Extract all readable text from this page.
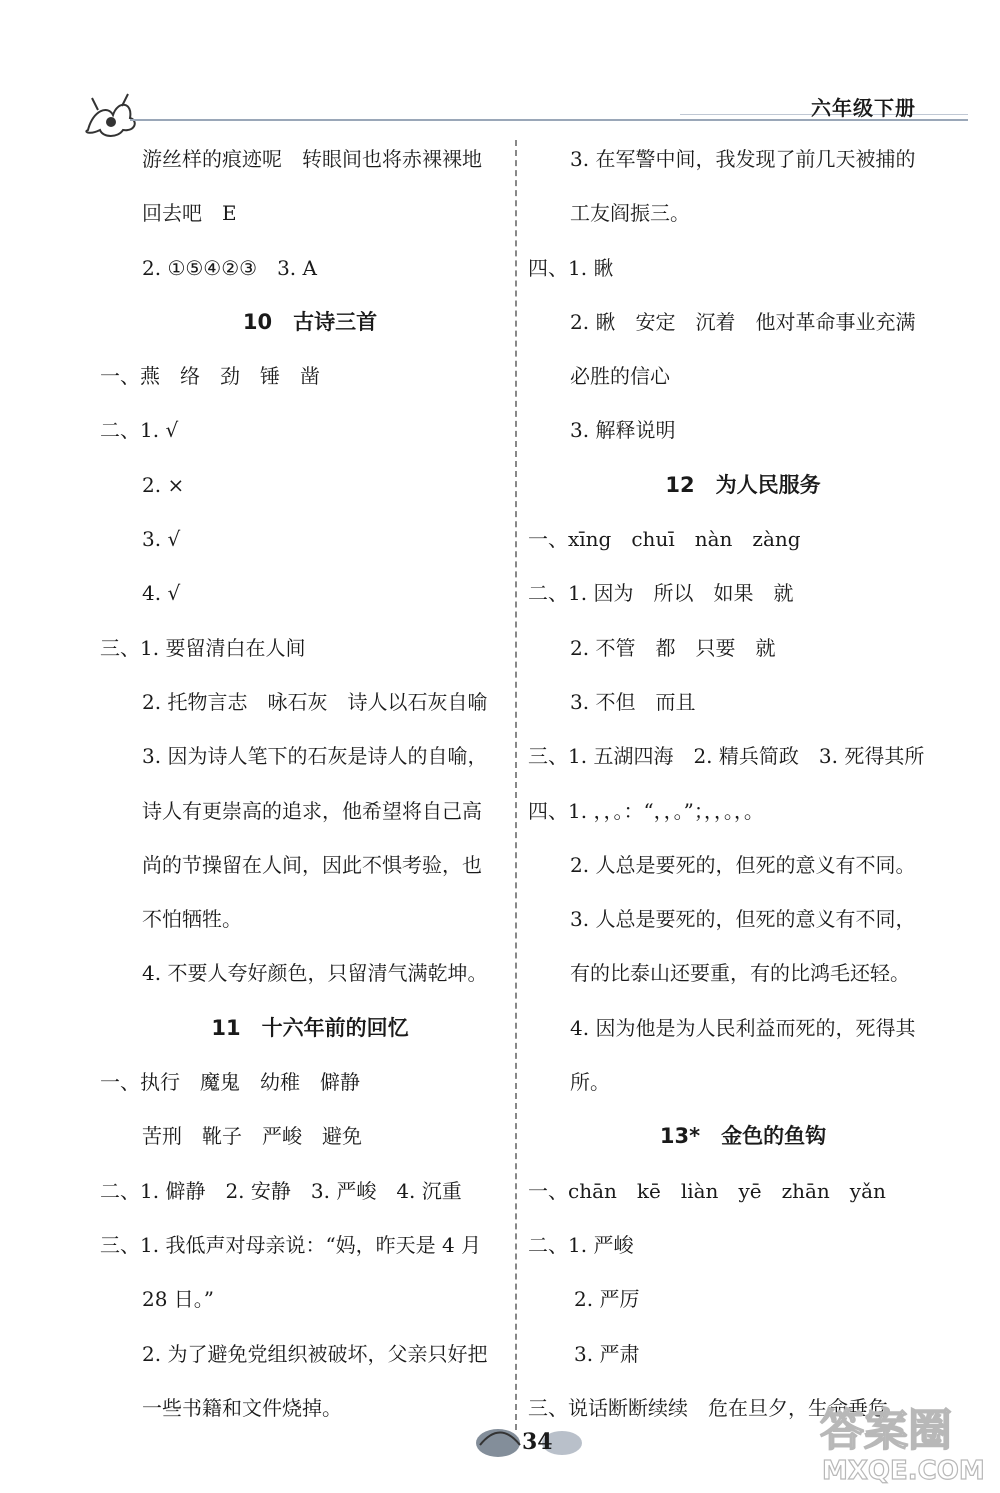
六年级下册
游丝样的痕迹呢　转眼间也将赤裸裸地
回去吧　E
2. ①⑤④②③　3. A
10　古诗三首
一、燕　络　劲　锤　凿
二、1. √
2. ×
3. √
4. √
三、1. 要留清白在人间
2. 托物言志　咏石灰　诗人以石灰自喻
3. 因为诗人笔下的石灰是诗人的自喻，
诗人有更崇高的追求，他希望将自己高
尚的节操留在人间，因此不惧考验，也
不怕牺牲。
4. 不要人夸好颜色，只留清气满乾坤。
11　十六年前的回忆
一、执行　魔鬼　幼稚　僻静
苦刑　靴子　严峻　避免
二、1. 僻静　2. 安静　3. 严峻　4. 沉重
三、1. 我低声对母亲说：“妈，昨天是 4 月
28 日。”
2. 为了避免党组织被破坏，父亲只好把
一些书籍和文件烧掉。
3. 在军警中间，我发现了前几天被捕的
工友阎振三。
四、1. 瞅
2. 瞅　安定　沉着　他对革命事业充满
必胜的信心
3. 解释说明
12　为人民服务
一、xīng　chuī　nàn　zàng
二、1. 因为　所以　如果　就
2. 不管　都　只要　就
3. 不但　而且
三、1. 五湖四海　2. 精兵简政　3. 死得其所
四、1. ，，。：“，，。”；，，。，。
2. 人总是要死的，但死的意义有不同。
3. 人总是要死的，但死的意义有不同，
有的比泰山还要重，有的比鸿毛还轻。
4. 因为他是为人民利益而死的，死得其
所。
13*　金色的鱼钩
一、chān　kē　liàn　yē　zhān　yǎn
二、1. 严峻
2. 严厉
3. 严肃
三、说话断断续续　危在旦夕，生命垂危
34	答案圈
MXQE.COM
